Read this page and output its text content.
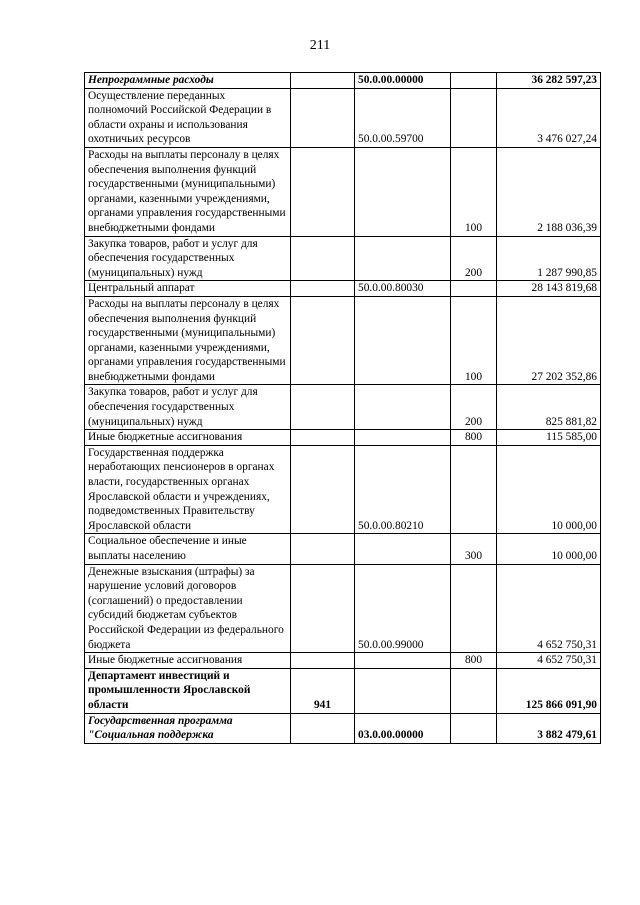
211
Непрограммные расходы		50.0.00.00000		36 282 597,23
Осуществление переданных полномочий Российской Федерации в области охраны и использования охотничьих ресурсов		50.0.00.59700		3 476 027,24
Расходы на выплаты персоналу в целях обеспечения выполнения функций государственными (муниципальными) органами, казенными учреждениями, органами управления государственными внебюджетными фондами			100	2 188 036,39
Закупка товаров, работ и услуг для обеспечения государственных (муниципальных) нужд			200	1 287 990,85
Центральный аппарат		50.0.00.80030		28 143 819,68
Расходы на выплаты персоналу в целях обеспечения выполнения функций государственными (муниципальными) органами, казенными учреждениями, органами управления государственными внебюджетными фондами			100	27 202 352,86
Закупка товаров, работ и услуг для обеспечения государственных (муниципальных) нужд			200	825 881,82
Иные бюджетные ассигнования			800	115 585,00
Государственная поддержка неработающих пенсионеров в органах власти, государственных органах Ярославской области и учреждениях, подведомственных Правительству Ярославской области		50.0.00.80210		10 000,00
Социальное обеспечение и иные выплаты населению			300	10 000,00
Денежные взыскания (штрафы) за нарушение условий договоров (соглашений) о предоставлении субсидий бюджетам субъектов Российской Федерации из федерального бюджета		50.0.00.99000		4 652 750,31
Иные бюджетные ассигнования			800	4 652 750,31
Департамент инвестиций и промышленности Ярославской области	941			125 866 091,90
Государственная программа "Социальная поддержка		03.0.00.00000		3 882 479,61
